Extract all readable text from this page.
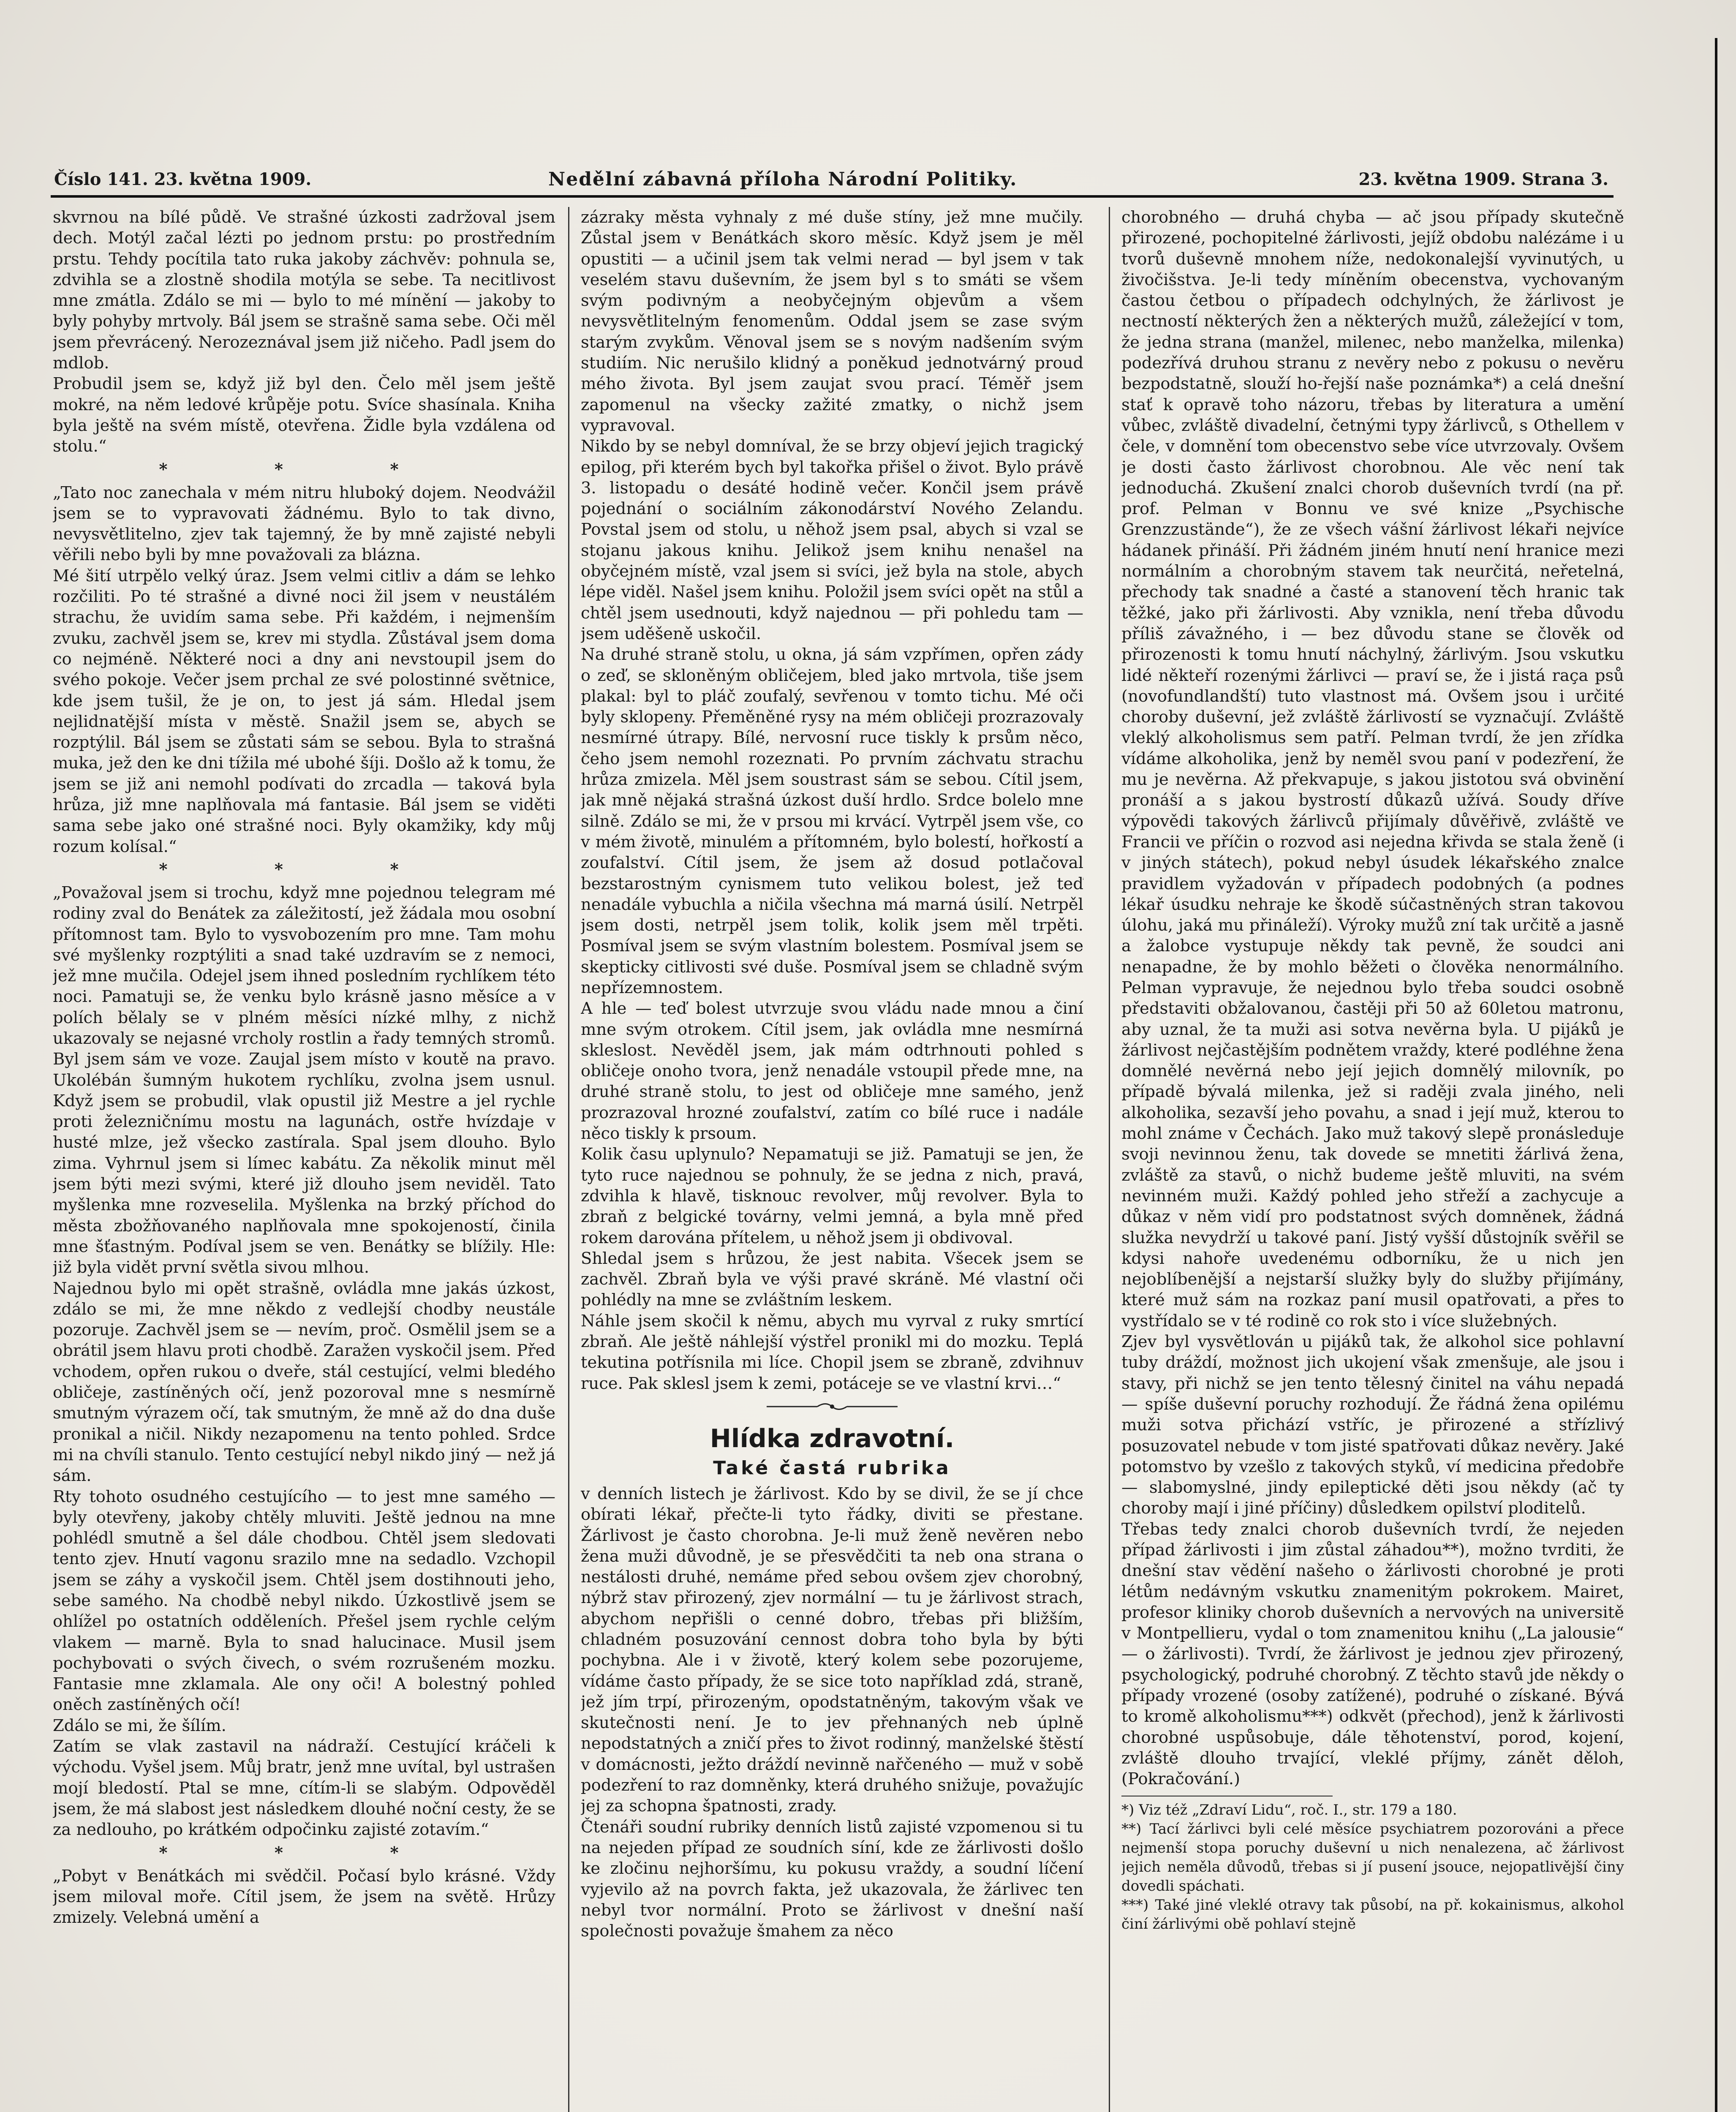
Číslo 141. 23. května 1909.	Nedělní zábavná příloha Národní Politiky.	23. května 1909. Strana 3.

skvrnou na bílé půdě. Ve strašné úzkosti zadržoval jsem dech. Motýl začal lézti po jednom prstu: po prostředním prstu. Tehdy pocítila tato ruka jakoby záchvěv: pohnula se, zdvihla se a zlostně shodila motýla se sebe. Ta necitlivost mne zmátla. Zdálo se mi — bylo to mé mínění — jakoby to byly pohyby mrtvoly. Bál jsem se strašně sama sebe. Oči měl jsem převrácený. Nerozeznával jsem již ničeho. Padl jsem do mdlob.

Probudil jsem se, když již byl den. Čelo měl jsem ještě mokré, na něm ledové krůpěje potu. Svíce shasínala. Kniha byla ještě na svém místě, otevřena. Židle byla vzdálena od stolu.“

* * *

„Tato noc zanechala v mém nitru hluboký dojem. Neodvážil jsem se to vypravovati žádnému. Bylo to tak divno, nevysvětlitelno, zjev tak tajemný, že by mně zajisté nebyli věřili nebo byli by mne považovali za blázna.

Mé šití utrpělo velký úraz. Jsem velmi citliv a dám se lehko rozčiliti. Po té strašné a divné noci žil jsem v neustálém strachu, že uvidím sama sebe. Při každém, i nejmenším zvuku, zachvěl jsem se, krev mi stydla. Zůstával jsem doma co nejméně. Některé noci a dny ani nevstoupil jsem do svého pokoje. Večer jsem prchal ze své polostinné světnice, kde jsem tušil, že je on, to jest já sám. Hledal jsem nejlidnatější místa v městě. Snažil jsem se, abych se rozptýlil. Bál jsem se zůstati sám se sebou. Byla to strašná muka, jež den ke dni tížila mé ubohé šíji. Došlo až k tomu, že jsem se již ani nemohl podívati do zrcadla — taková byla hrůza, již mne naplňovala má fantasie. Bál jsem se viděti sama sebe jako oné strašné noci. Byly okamžiky, kdy můj rozum kolísal.“

* * *

„Považoval jsem si trochu, když mne pojednou telegram mé rodiny zval do Benátek za záležitostí, jež žádala mou osobní přítomnost tam. Bylo to vysvobozením pro mne. Tam mohu své myšlenky rozptýliti a snad také uzdravím se z nemoci, jež mne mučila. Odejel jsem ihned posledním rychlíkem této noci. Pamatuji se, že venku bylo krásně jasno měsíce a v polích bělaly se v plném měsíci nízké mlhy, z nichž ukazovaly se nejasné vrcholy rostlin a řady temných stromů. Byl jsem sám ve voze. Zaujal jsem místo v koutě na pravo. Ukolébán šumným hukotem rychlíku, zvolna jsem usnul. Když jsem se probudil, vlak opustil již Mestre a jel rychle proti železničnímu mostu na lagunách, ostře hvízdaje v husté mlze, jež všecko zastírala. Spal jsem dlouho. Bylo zima. Vyhrnul jsem si límec kabátu. Za několik minut měl jsem býti mezi svými, které již dlouho jsem neviděl. Tato myšlenka mne rozveselila. Myšlenka na brzký příchod do města zbožňovaného naplňovala mne spokojeností, činila mne šťastným. Podíval jsem se ven. Benátky se blížily. Hle: již byla vidět první světla sivou mlhou.

Najednou bylo mi opět strašně, ovládla mne jakás úzkost, zdálo se mi, že mne někdo z vedlejší chodby neustále pozoruje. Zachvěl jsem se — nevím, proč. Osmělil jsem se a obrátil jsem hlavu proti chodbě. Zaražen vyskočil jsem. Před vchodem, opřen rukou o dveře, stál cestující, velmi bledého obličeje, zastíněných očí, jenž pozoroval mne s nesmírně smutným výrazem očí, tak smutným, že mně až do dna duše pronikal a ničil. Nikdy nezapomenu na tento pohled. Srdce mi na chvíli stanulo. Tento cestující nebyl nikdo jiný — než já sám.

Rty tohoto osudného cestujícího — to jest mne samého — byly otevřeny, jakoby chtěly mluviti. Ještě jednou na mne pohlédl smutně a šel dále chodbou. Chtěl jsem sledovati tento zjev. Hnutí vagonu srazilo mne na sedadlo. Vzchopil jsem se záhy a vyskočil jsem. Chtěl jsem dostihnouti jeho, sebe samého. Na chodbě nebyl nikdo. Úzkostlivě jsem se ohlížel po ostatních odděleních. Přešel jsem rychle celým vlakem — marně. Byla to snad halucinace. Musil jsem pochybovati o svých čivech, o svém rozrušeném mozku. Fantasie mne zklamala. Ale ony oči! A bolestný pohled oněch zastíněných očí!

Zdálo se mi, že šílím.

Zatím se vlak zastavil na nádraží. Cestující kráčeli k východu. Vyšel jsem. Můj bratr, jenž mne uvítal, byl ustrašen mojí bledostí. Ptal se mne, cítím-li se slabým. Odpověděl jsem, že má slabost jest následkem dlouhé noční cesty, že se za nedlouho, po krátkém odpočinku zajisté zotavím.“

* * *

„Pobyt v Benátkách mi svědčil. Počasí bylo krásné. Vždy jsem miloval moře. Cítil jsem, že jsem na světě. Hrůzy zmizely. Velebná umění a

zázraky města vyhnaly z mé duše stíny, jež mne mučily. Zůstal jsem v Benátkách skoro měsíc. Když jsem je měl opustiti — a učinil jsem tak velmi nerad — byl jsem v tak veselém stavu duševním, že jsem byl s to smáti se všem svým podivným a neobyčejným objevům a všem nevysvětlitelným fenomenům. Oddal jsem se zase svým starým zvykům. Věnoval jsem se s novým nadšením svým studiím. Nic nerušilo klidný a poněkud jednotvárný proud mého života. Byl jsem zaujat svou prací. Téměř jsem zapomenul na všecky zažité zmatky, o nichž jsem vypravoval.

Nikdo by se nebyl domníval, že se brzy objeví jejich tragický epilog, při kterém bych byl takořka přišel o život. Bylo právě 3. listopadu o desáté hodině večer. Končil jsem právě pojednání o sociálním zákonodárství Nového Zelandu. Povstal jsem od stolu, u něhož jsem psal, abych si vzal se stojanu jakous knihu. Jelikož jsem knihu nenašel na obyčejném místě, vzal jsem si svíci, jež byla na stole, abych lépe viděl. Našel jsem knihu. Položil jsem svíci opět na stůl a chtěl jsem usednouti, když najednou — při pohledu tam — jsem uděšeně uskočil.

Na druhé straně stolu, u okna, já sám vzpřímen, opřen zády o zeď, se skloněným obličejem, bled jako mrtvola, tiše jsem plakal: byl to pláč zoufalý, sevřenou v tomto tichu. Mé oči byly sklopeny. Přeměněné rysy na mém obličeji prozrazovaly nesmírné útrapy. Bílé, nervosní ruce tiskly k prsům něco, čeho jsem nemohl rozeznati. Po prvním záchvatu strachu hrůza zmizela. Měl jsem soustrast sám se sebou. Cítil jsem, jak mně nějaká strašná úzkost duší hrdlo. Srdce bolelo mne silně. Zdálo se mi, že v prsou mi krvácí. Vytrpěl jsem vše, co v mém životě, minulém a přítomném, bylo bolestí, hořkostí a zoufalství. Cítil jsem, že jsem až dosud potlačoval bezstarostným cynismem tuto velikou bolest, jež teď nenadále vybuchla a ničila všechna má marná úsilí. Netrpěl jsem dosti, netrpěl jsem tolik, kolik jsem měl trpěti. Posmíval jsem se svým vlastním bolestem. Posmíval jsem se skepticky citlivosti své duše. Posmíval jsem se chladně svým nepřízemnostem.

A hle — teď bolest utvrzuje svou vládu nade mnou a činí mne svým otrokem. Cítil jsem, jak ovládla mne nesmírná skleslost. Nevěděl jsem, jak mám odtrhnouti pohled s obličeje onoho tvora, jenž nenadále vstoupil přede mne, na druhé straně stolu, to jest od obličeje mne samého, jenž prozrazoval hrozné zoufalství, zatím co bílé ruce i nadále něco tiskly k prsoum.

Kolik času uplynulo? Nepamatuji se již. Pamatuji se jen, že tyto ruce najednou se pohnuly, že se jedna z nich, pravá, zdvihla k hlavě, tisknouc revolver, můj revolver. Byla to zbraň z belgické továrny, velmi jemná, a byla mně před rokem darována přítelem, u něhož jsem ji obdivoval.

Shledal jsem s hrůzou, že jest nabita. Všecek jsem se zachvěl. Zbraň byla ve výši pravé skráně. Mé vlastní oči pohlédly na mne se zvláštním leskem.

Náhle jsem skočil k němu, abych mu vyrval z ruky smrtící zbraň. Ale ještě náhlejší výstřel pronikl mi do mozku. Teplá tekutina potřísnila mi líce. Chopil jsem se zbraně, zdvihnuv ruce. Pak sklesl jsem k zemi, potáceje se ve vlastní krvi…“

Hlídka zdravotní.
Také častá rubrika

v denních listech je žárlivost. Kdo by se divil, že se jí chce obírati lékař, přečte-li tyto řádky, diviti se přestane. Žárlivost je často chorobna. Je-li muž ženě nevěren nebo žena muži důvodně, je se přesvědčiti ta neb ona strana o nestálosti druhé, nemáme před sebou ovšem zjev chorobný, nýbrž stav přirozený, zjev normální — tu je žárlivost strach, abychom nepřišli o cenné dobro, třebas při bližším, chladném posuzování cennost dobra toho byla by býti pochybna. Ale i v životě, který kolem sebe pozorujeme, vídáme často případy, že se sice toto například zdá, straně, jež jím trpí, přirozeným, opodstatněným, takovým však ve skutečnosti není. Je to jev přehnaných neb úplně nepodstatných a zničí přes to život rodinný, manželské štěstí v domácnosti, ježto dráždí nevinně nařčeného — muž v sobě podezření to raz domněnky, která druhého snižuje, považujíc jej za schopna špatnosti, zrady.

Čtenáři soudní rubriky denních listů zajisté vzpomenou si tu na nejeden případ ze soudních síní, kde ze žárlivosti došlo ke zločinu nejhoršímu, ku pokusu vraždy, a soudní líčení vyjevilo až na povrch fakta, jež ukazovala, že žárlivec ten nebyl tvor normální. Proto se žárlivost v dnešní naší společnosti považuje šmahem za něco

chorobného — druhá chyba — ač jsou případy skutečně přirozené, pochopitelné žárlivosti, jejíž obdobu nalézáme i u tvorů duševně mnohem níže, nedokonalejší vyvinutých, u živočišstva. Je-li tedy míněním obecenstva, vychovaným častou četbou o případech odchylných, že žárlivost je nectností některých žen a některých mužů, záležející v tom, že jedna strana (manžel, milenec, nebo manželka, milenka) podezřívá druhou stranu z nevěry nebo z pokusu o nevěru bezpodstatně, slouží ho-řejší naše poznámka*) a celá dnešní stať k opravě toho názoru, třebas by literatura a umění vůbec, zvláště divadelní, četnými typy žárlivců, s Othellem v čele, v domnění tom obecenstvo sebe více utvrzovaly. Ovšem je dosti často žárlivost chorobnou. Ale věc není tak jednoduchá. Zkušení znalci chorob duševních tvrdí (na př. prof. Pelman v Bonnu ve své knize „Psychische Grenzzustände“), že ze všech vášní žárlivost lékaři nejvíce hádanek přináší. Při žádném jiném hnutí není hranice mezi normálním a chorobným stavem tak neurčitá, neřetelná, přechody tak snadné a časté a stanovení těch hranic tak těžké, jako při žárlivosti. Aby vznikla, není třeba důvodu příliš závažného, i — bez důvodu stane se člověk od přirozenosti k tomu hnutí náchylný, žárlivým. Jsou vskutku lidé někteří rozenými žárlivci — praví se, že i jistá raça psů (novofundlandští) tuto vlastnost má. Ovšem jsou i určité choroby duševní, jež zvláště žárlivostí se vyznačují. Zvláště vleklý alkoholismus sem patří. Pelman tvrdí, že jen zřídka vídáme alkoholika, jenž by neměl svou paní v podezření, že mu je nevěrna. Až překvapuje, s jakou jistotou svá obvinění pronáší a s jakou bystrostí důkazů užívá. Soudy dříve výpovědi takových žárlivců přijímaly důvěřivě, zvláště ve Francii ve příčin o rozvod asi nejedna křivda se stala ženě (i v jiných státech), pokud nebyl úsudek lékařského znalce pravidlem vyžadován v případech podobných (a podnes lékař úsudku nehraje ke škodě súčastněných stran takovou úlohu, jaká mu přináleží). Výroky mužů zní tak určitě a jasně a žalobce vystupuje někdy tak pevně, že soudci ani nenapadne, že by mohlo běžeti o člověka nenormálního. Pelman vypravuje, že nejednou bylo třeba soudci osobně představiti obžalovanou, častěji při 50 až 60letou matronu, aby uznal, že ta muži asi sotva nevěrna byla. U pijáků je žárlivost nejčastějším podnětem vraždy, které podléhne žena domnělé nevěrná nebo její jejich domnělý milovník, po případě bývalá milenka, jež si raději zvala jiného, neli alkoholika, sezavší jeho povahu, a snad i její muž, kterou to mohl známe v Čechách. Jako muž takový slepě pronásleduje svoji nevinnou ženu, tak dovede se mnetiti žárlivá žena, zvláště za stavů, o nichž budeme ještě mluviti, na svém nevinném muži. Každý pohled jeho střeží a zachycuje a důkaz v něm vidí pro podstatnost svých domněnek, žádná služka nevydrží u takové paní. Jistý vyšší důstojník svěřil se kdysi nahoře uvedenému odborníku, že u nich jen nejoblíbenější a nejstarší služky byly do služby přijímány, které muž sám na rozkaz paní musil opatřovati, a přes to vystřídalo se v té rodině co rok sto i více služebných.

Zjev byl vysvětlován u pijáků tak, že alkohol sice pohlavní tuby dráždí, možnost jich ukojení však zmenšuje, ale jsou i stavy, při nichž se jen tento tělesný činitel na váhu nepadá — spíše duševní poruchy rozhodují. Že řádná žena opilému muži sotva přichází vstříc, je přirozené a střízlivý posuzovatel nebude v tom jisté spatřovati důkaz nevěry. Jaké potomstvo by vzešlo z takových styků, ví medicina předobře — slabomyslné, jindy epileptické děti jsou někdy (ač ty choroby mají i jiné příčiny) důsledkem opilství ploditelů.

Třebas tedy znalci chorob duševních tvrdí, že nejeden případ žárlivosti i jim zůstal záhadou**), možno tvrditi, že dnešní stav vědění našeho o žárlivosti chorobné je proti létům nedávným vskutku znamenitým pokrokem. Mairet, profesor kliniky chorob duševních a nervových na universitě v Montpellieru, vydal o tom znamenitou knihu („La jalousie“ — o žárlivosti). Tvrdí, že žárlivost je jednou zjev přirozený, psychologický, podruhé chorobný. Z těchto stavů jde někdy o případy vrozené (osoby zatížené), podruhé o získané. Bývá to kromě alkoholismu***) odkvět (přechod), jenž k žárlivosti chorobné uspůsobuje, dále těhotenství, porod, kojení, zvláště dlouho trvající, vleklé příjmy, zánět děloh, (Pokračování.)

*) Viz též „Zdraví Lidu“, roč. I., str. 179 a 180.

**) Tací žárlivci byli celé měsíce psychiatrem pozorováni a přece nejmenší stopa poruchy duševní u nich nenalezena, ač žárlivost jejich neměla důvodů, třebas si jí pusení jsouce, nejopatlivější činy dovedli spáchati.

***) Také jiné vleklé otravy tak působí, na př. kokainismus, alkohol činí žárlivými obě pohlaví stejně
